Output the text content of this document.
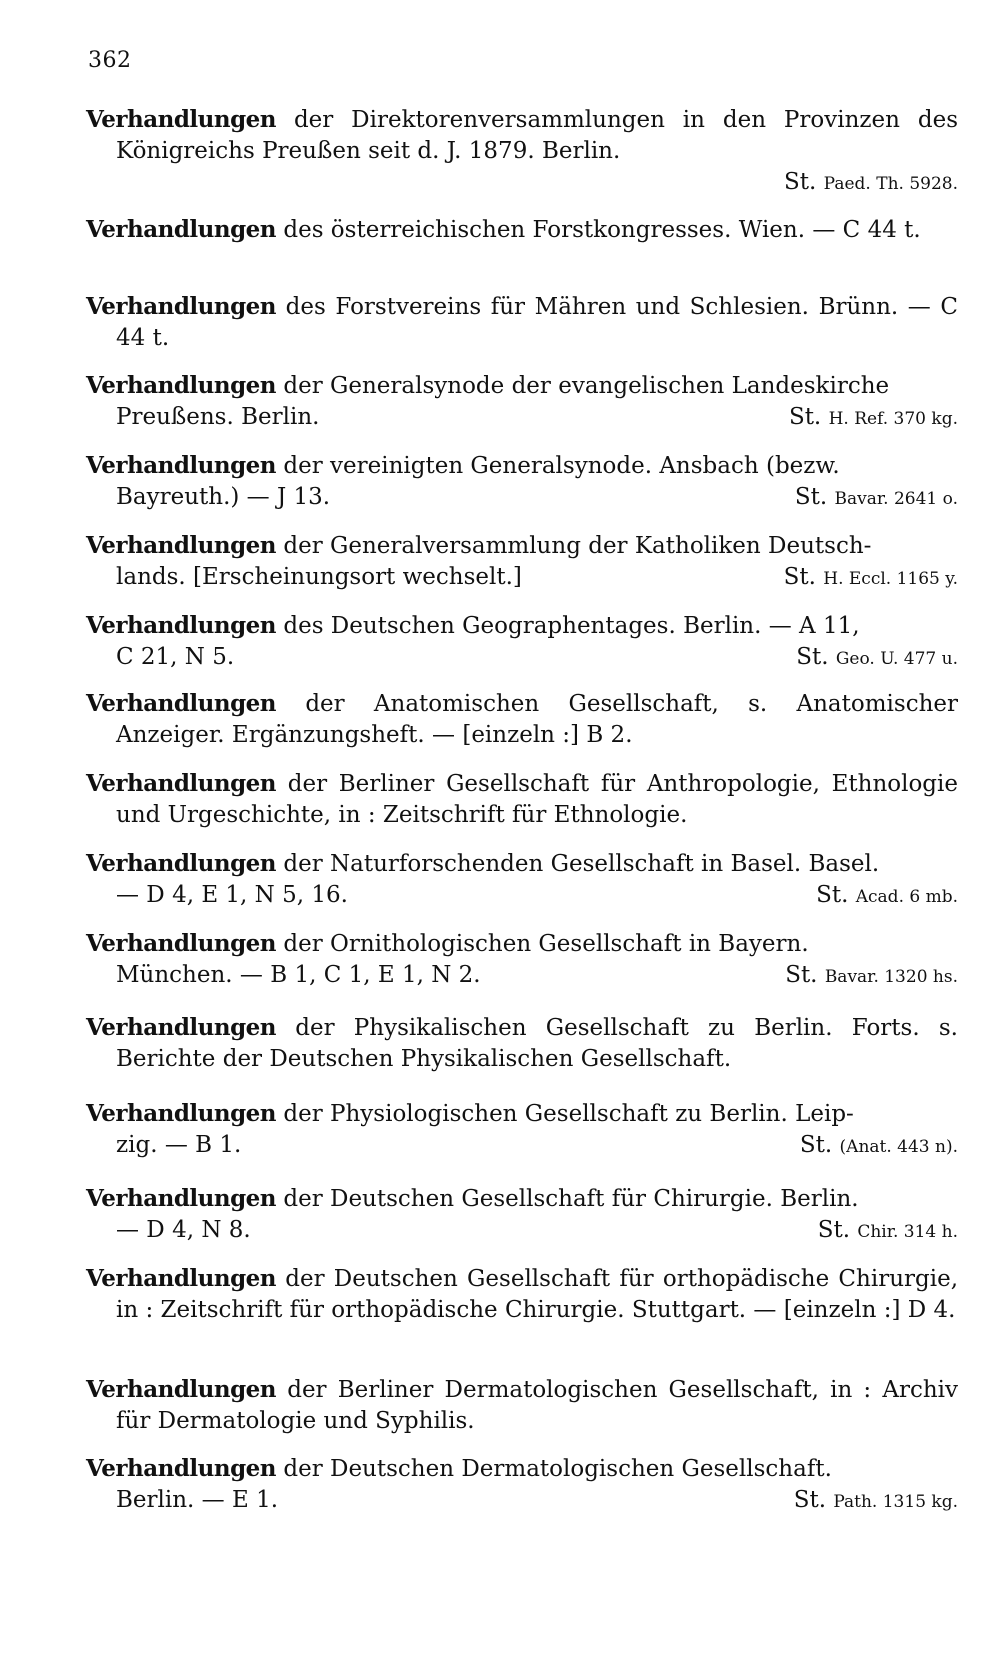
362
Verhandlungen der Direktorenversammlungen in den Provinzen des Königreichs Preußen seit d. J. 1879. Berlin.
St. Paed. Th. 5928.
Verhandlungen des österreichischen Forstkongresses. Wien. — C 44 t.
Verhandlungen des Forstvereins für Mähren und Schlesien. Brünn. — C 44 t.
Verhandlungen der Generalsynode der evangelischen Landeskirche
Preußens. Berlin.	St. H. Ref. 370 kg.
Verhandlungen der vereinigten Generalsynode. Ansbach (bezw.
Bayreuth.) — J 13.	St. Bavar. 2641 o.
Verhandlungen der Generalversammlung der Katholiken Deutsch-
lands. [Erscheinungsort wechselt.]	St. H. Eccl. 1165 y.
Verhandlungen des Deutschen Geographentages. Berlin. — A 11,
C 21, N 5.	St. Geo. U. 477 u.
Verhandlungen der Anatomischen Gesellschaft, s. Anatomischer Anzeiger. Ergänzungsheft. — [einzeln :] B 2.
Verhandlungen der Berliner Gesellschaft für Anthropologie, Ethnologie und Urgeschichte, in : Zeitschrift für Ethnologie.
Verhandlungen der Naturforschenden Gesellschaft in Basel. Basel.
— D 4, E 1, N 5, 16.	St. Acad. 6 mb.
Verhandlungen der Ornithologischen Gesellschaft in Bayern.
München. — B 1, C 1, E 1, N 2.	St. Bavar. 1320 hs.
Verhandlungen der Physikalischen Gesellschaft zu Berlin. Forts. s. Berichte der Deutschen Physikalischen Gesellschaft.
Verhandlungen der Physiologischen Gesellschaft zu Berlin. Leip-
zig. — B 1.	St. (Anat. 443 n).
Verhandlungen der Deutschen Gesellschaft für Chirurgie. Berlin.
— D 4, N 8.	St. Chir. 314 h.
Verhandlungen der Deutschen Gesellschaft für orthopädische Chirurgie, in : Zeitschrift für orthopädische Chirurgie. Stuttgart. — [einzeln :] D 4.
Verhandlungen der Berliner Dermatologischen Gesellschaft, in : Archiv für Dermatologie und Syphilis.
Verhandlungen der Deutschen Dermatologischen Gesellschaft.
Berlin. — E 1.	St. Path. 1315 kg.
